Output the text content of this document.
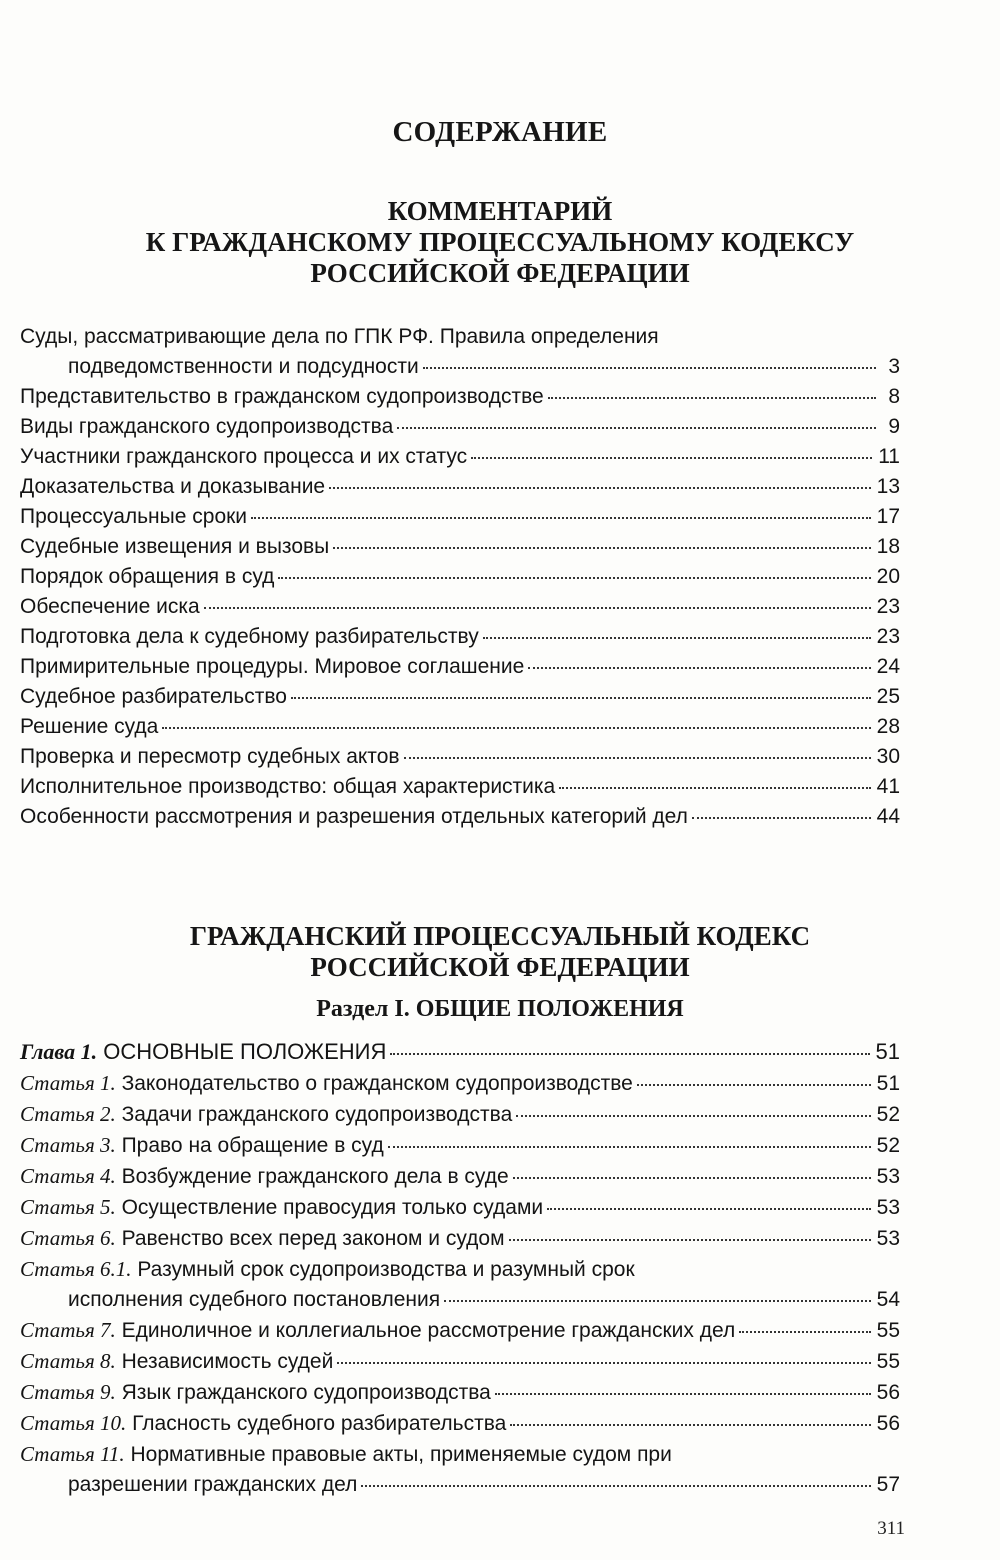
СОДЕРЖАНИЕ
КОММЕНТАРИЙ
К ГРАЖДАНСКОМУ ПРОЦЕССУАЛЬНОМУ КОДЕКСУ
РОССИЙСКОЙ ФЕДЕРАЦИИ
Суды, рассматривающие дела по ГПК РФ. Правила определения
подведомственности и подсудности	3
Представительство в гражданском судопроизводстве	8
Виды гражданского судопроизводства	9
Участники гражданского процесса и их статус	11
Доказательства и доказывание	13
Процессуальные сроки	17
Судебные извещения и вызовы	18
Порядок обращения в суд	20
Обеспечение иска	23
Подготовка дела к судебному разбирательству	23
Примирительные процедуры. Мировое соглашение	24
Судебное разбирательство	25
Решение суда	28
Проверка и пересмотр судебных актов	30
Исполнительное производство: общая характеристика	41
Особенности рассмотрения и разрешения отдельных категорий дел	44
ГРАЖДАНСКИЙ ПРОЦЕССУАЛЬНЫЙ КОДЕКС
РОССИЙСКОЙ ФЕДЕРАЦИИ
Раздел I. ОБЩИЕ ПОЛОЖЕНИЯ
Глава 1. ОСНОВНЫЕ ПОЛОЖЕНИЯ	51
Статья 1. Законодательство о гражданском судопроизводстве	51
Статья 2. Задачи гражданского судопроизводства	52
Статья 3. Право на обращение в суд	52
Статья 4. Возбуждение гражданского дела в суде	53
Статья 5. Осуществление правосудия только судами	53
Статья 6. Равенство всех перед законом и судом	53
Статья 6.1. Разумный срок судопроизводства и разумный срок
исполнения судебного постановления	54
Статья 7. Единоличное и коллегиальное рассмотрение гражданских дел	55
Статья 8. Независимость судей	55
Статья 9. Язык гражданского судопроизводства	56
Статья 10. Гласность судебного разбирательства	56
Статья 11. Нормативные правовые акты, применяемые судом при
разрешении гражданских дел	57
311
